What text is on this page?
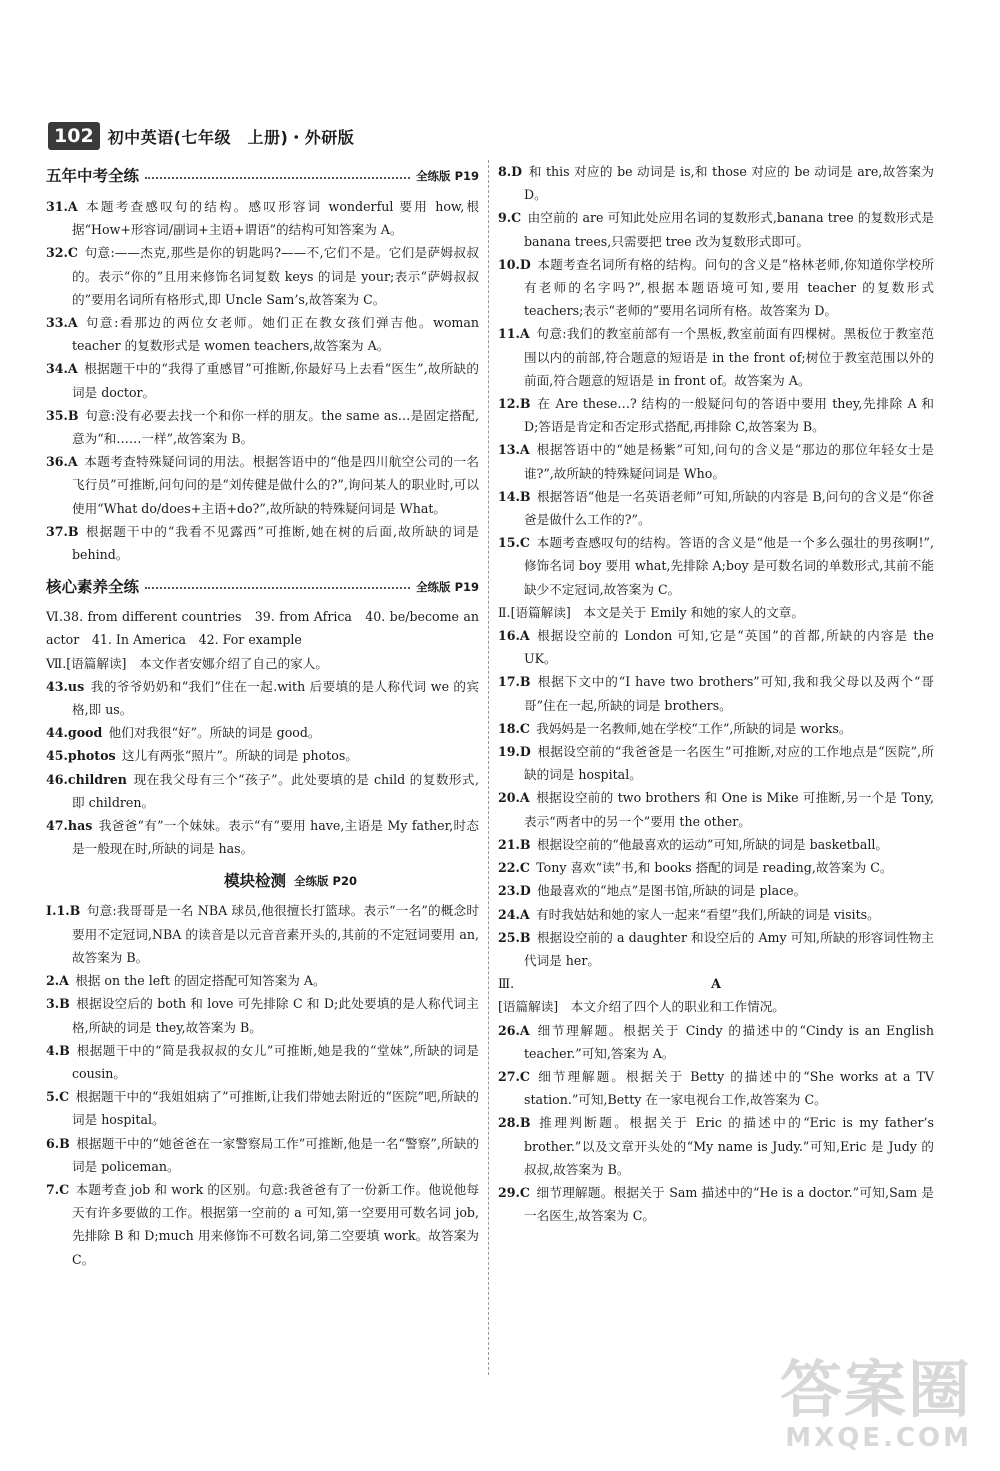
102 初中英语(七年级　上册)・外研版
五年中考全练	全练版 P19
31.A  本题考查感叹句的结构。感叹形容词 wonderful 要用 how,根据“How+形容词/副词+主语+谓语”的结构可知答案为 A。
32.C  句意:——杰克,那些是你的钥匙吗?——不,它们不是。它们是萨姆叔叔的。表示“你的”且用来修饰名词复数 keys 的词是 your;表示“萨姆叔叔的”要用名词所有格形式,即 Uncle Sam’s,故答案为 C。
33.A  句意:看那边的两位女老师。她们正在教女孩们弹吉他。woman teacher 的复数形式是 women teachers,故答案为 A。
34.A  根据题干中的“我得了重感冒”可推断,你最好马上去看“医生”,故所缺的词是 doctor。
35.B  句意:没有必要去找一个和你一样的朋友。the same as…是固定搭配,意为“和……一样”,故答案为 B。
36.A  本题考查特殊疑问词的用法。根据答语中的“他是四川航空公司的一名飞行员”可推断,问句问的是“刘传健是做什么的?”,询问某人的职业时,可以使用“What do/does+主语+do?”,故所缺的特殊疑问词是 What。
37.B  根据题干中的“我看不见露西”可推断,她在树的后面,故所缺的词是 behind。
核心素养全练	全练版 P19
Ⅵ.38. from different countries　39. from Africa　40. be/become an actor　41. In America　42. For example
Ⅶ.[语篇解读]　本文作者安娜介绍了自己的家人。
43.us  我的爷爷奶奶和“我们”住在一起.with 后要填的是人称代词 we 的宾格,即 us。
44.good  他们对我很“好”。所缺的词是 good。
45.photos  这儿有两张“照片”。所缺的词是 photos。
46.children  现在我父母有三个“孩子”。此处要填的是 child 的复数形式,即 children。
47.has  我爸爸“有”一个妹妹。表示“有”要用 have,主语是 My father,时态是一般现在时,所缺的词是 has。
模块检测 全练版 P20
Ⅰ.1.B  句意:我哥哥是一名 NBA 球员,他很擅长打篮球。表示“一名”的概念时要用不定冠词,NBA 的读音是以元音音素开头的,其前的不定冠词要用 an,故答案为 B。
2.A  根据 on the left 的固定搭配可知答案为 A。
3.B  根据设空后的 both 和 love 可先排除 C 和 D;此处要填的是人称代词主格,所缺的词是 they,故答案为 B。
4.B  根据题干中的“简是我叔叔的女儿”可推断,她是我的“堂妹”,所缺的词是 cousin。
5.C  根据题干中的“我姐姐病了”可推断,让我们带她去附近的“医院”吧,所缺的词是 hospital。
6.B  根据题干中的“她爸爸在一家警察局工作”可推断,他是一名“警察”,所缺的词是 policeman。
7.C  本题考查 job 和 work 的区别。句意:我爸爸有了一份新工作。他说他每天有许多要做的工作。根据第一空前的 a 可知,第一空要用可数名词 job,先排除 B 和 D;much 用来修饰不可数名词,第二空要填 work。故答案为 C。
8.D  和 this 对应的 be 动词是 is,和 those 对应的 be 动词是 are,故答案为 D。
9.C  由空前的 are 可知此处应用名词的复数形式,banana tree 的复数形式是 banana trees,只需要把 tree 改为复数形式即可。
10.D  本题考查名词所有格的结构。问句的含义是“格林老师,你知道你学校所有老师的名字吗?”,根据本题语境可知,要用 teacher 的复数形式 teachers;表示“老师的”要用名词所有格。故答案为 D。
11.A  句意:我们的教室前部有一个黑板,教室前面有四棵树。黑板位于教室范围以内的前部,符合题意的短语是 in the front of;树位于教室范围以外的前面,符合题意的短语是 in front of。故答案为 A。
12.B  在 Are these…? 结构的一般疑问句的答语中要用 they,先排除 A 和 D;答语是肯定和否定形式搭配,再排除 C,故答案为 B。
13.A  根据答语中的“她是杨紫”可知,问句的含义是“那边的那位年轻女士是谁?”,故所缺的特殊疑问词是 Who。
14.B  根据答语“他是一名英语老师”可知,所缺的内容是 B,问句的含义是“你爸爸是做什么工作的?”。
15.C  本题考查感叹句的结构。答语的含义是“他是一个多么强壮的男孩啊!”,修饰名词 boy 要用 what,先排除 A;boy 是可数名词的单数形式,其前不能缺少不定冠词,故答案为 C。
Ⅱ.[语篇解读]　本文是关于 Emily 和她的家人的文章。
16.A  根据设空前的 London 可知,它是“英国”的首都,所缺的内容是 the UK。
17.B  根据下文中的“I have two brothers”可知,我和我父母以及两个“哥哥”住在一起,所缺的词是 brothers。
18.C  我妈妈是一名教师,她在学校“工作”,所缺的词是 works。
19.D  根据设空前的“我爸爸是一名医生”可推断,对应的工作地点是“医院”,所缺的词是 hospital。
20.A  根据设空前的 two brothers 和 One is Mike 可推断,另一个是 Tony,表示“两者中的另一个”要用 the other。
21.B  根据设空前的“他最喜欢的运动”可知,所缺的词是 basketball。
22.C  Tony 喜欢“读”书,和 books 搭配的词是 reading,故答案为 C。
23.D  他最喜欢的“地点”是图书馆,所缺的词是 place。
24.A  有时我姑姑和她的家人一起来“看望”我们,所缺的词是 visits。
25.B  根据设空前的 a daughter 和设空后的 Amy 可知,所缺的形容词性物主代词是 her。
Ⅲ.	A
[语篇解读]　本文介绍了四个人的职业和工作情况。
26.A  细节理解题。根据关于 Cindy 的描述中的“Cindy is an English teacher.”可知,答案为 A。
27.C  细节理解题。根据关于 Betty 的描述中的“She works at a TV station.”可知,Betty 在一家电视台工作,故答案为 C。
28.B  推理判断题。根据关于 Eric 的描述中的“Eric is my father’s brother.”以及文章开头处的“My name is Judy.”可知,Eric 是 Judy 的叔叔,故答案为 B。
29.C  细节理解题。根据关于 Sam 描述中的“He is a doctor.”可知,Sam 是一名医生,故答案为 C。
答案圈
MXQE.COM
